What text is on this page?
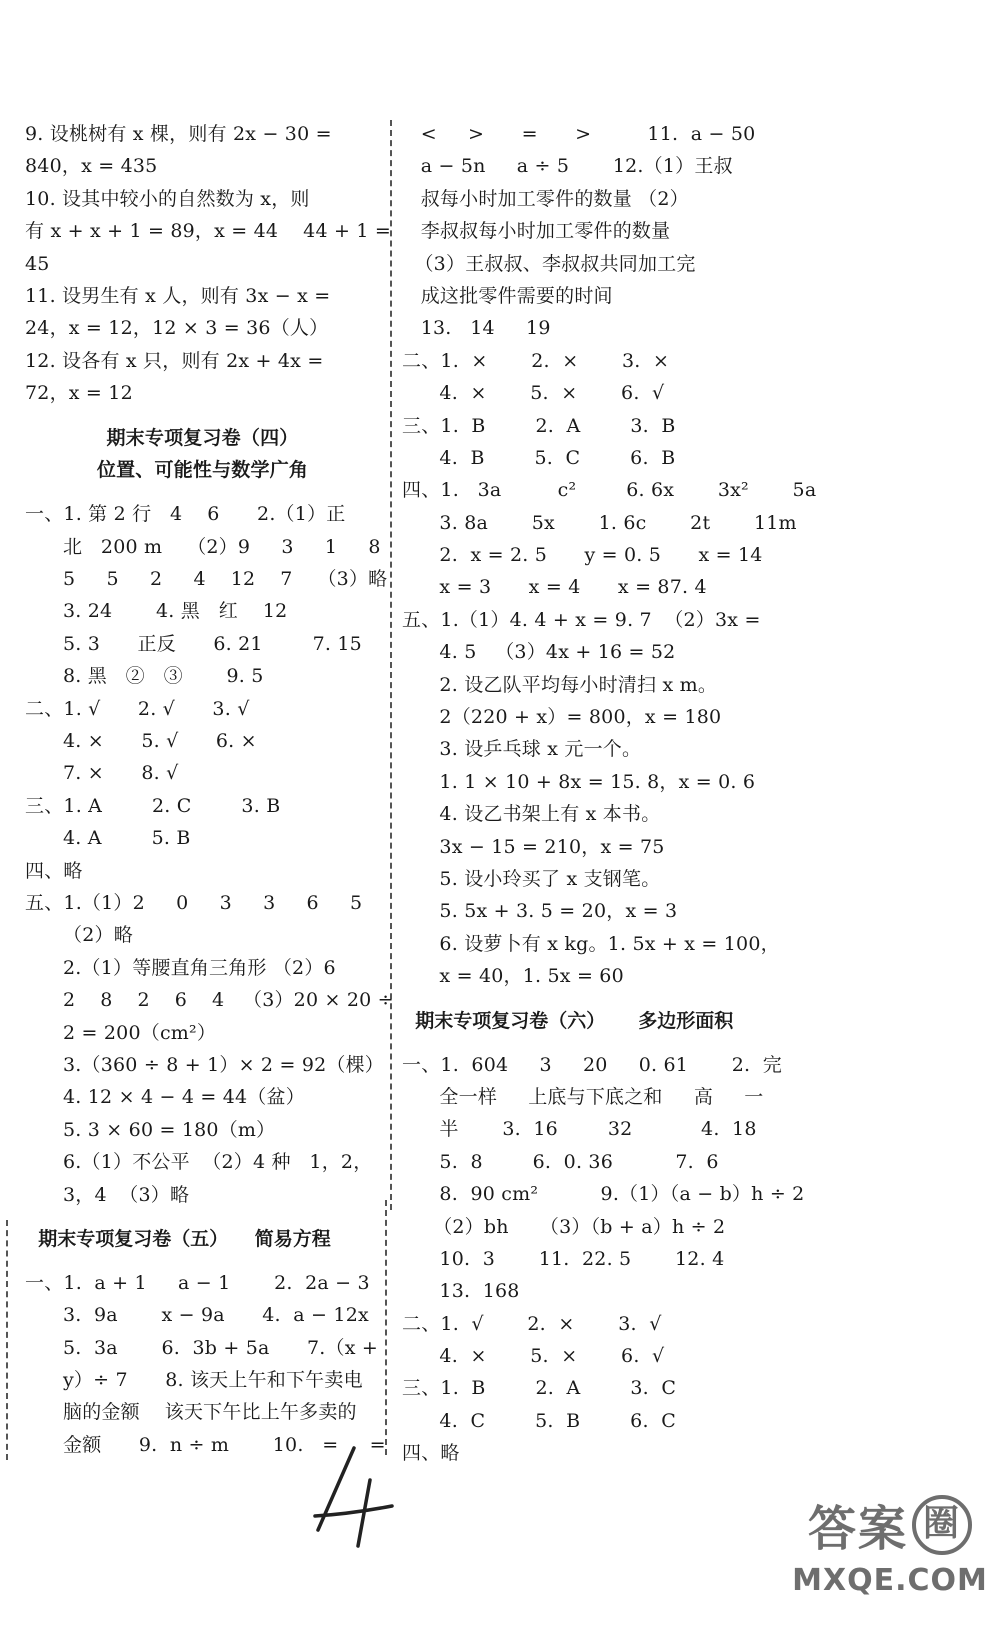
9. 设桃树有 x 棵，则有 2x − 30 =
840，x = 435
10. 设其中较小的自然数为 x，则
有 x + x + 1 = 89，x = 44    44 + 1 =
45
11. 设男生有 x 人，则有 3x − x =
24，x = 12，12 × 3 = 36（人）
12. 设各有 x 只，则有 2x + 4x =
72，x = 12
期末专项复习卷（四）
位置、可能性与数学广角
一、1. 第 2 行   4    6      2.（1）正
北   200 m    （2）9     3     1     8
5     5     2     4    12    7    （3）略
3. 24       4. 黑   红    12
5. 3      正反      6. 21        7. 15
8. 黑   ②   ③       9. 5
二、1. √      2. √      3. √
4. ×      5. √      6. ×
7. ×      8. √
三、1. A        2. C        3. B
4. A        5. B
四、略
五、1.（1）2     0     3     3     6     5
（2）略
2.（1）等腰直角三角形 （2）6
2    8    2    6    4   （3）20 × 20 ÷
2 = 200（cm²）
3.（360 ÷ 8 + 1）× 2 = 92（棵）
4. 12 × 4 − 4 = 44（盆）
5. 3 × 60 = 180（m）
6.（1）不公平  （2）4 种   1，2，
3，4  （3）略
期末专项复习卷（五）    简易方程
一、1.  a + 1     a − 1       2.  2a − 3
3.  9a       x − 9a      4.  a − 12x
5.  3a       6.  3b + 5a      7.（x +
y）÷ 7      8. 该天上午和下午卖电
脑的金额    该天下午比上午多卖的
金额      9.  n ÷ m       10.   =     =
<     >      =      >         11.  a − 50
a − 5n     a ÷ 5       12.（1）王叔
叔每小时加工零件的数量 （2）
李叔叔每小时加工零件的数量
（3）王叔叔、李叔叔共同加工完
成这批零件需要的时间
13.   14     19
二、1.  ×       2.  ×       3.  ×
4.  ×       5.  ×       6.  √
三、1.  B        2.  A        3.  B
4.  B        5.  C        6.  B
四、1.   3a         c²        6. 6x       3x²       5a
3. 8a       5x       1. 6c       2t       11m
2.  x = 2. 5      y = 0. 5      x = 14
x = 3      x = 4      x = 87. 4
五、1.（1）4. 4 + x = 9. 7  （2）3x =
4. 5   （3）4x + 16 = 52
2. 设乙队平均每小时清扫 x m。
2（220 + x）= 800，x = 180
3. 设乒乓球 x 元一个。
1. 1 × 10 + 8x = 15. 8，x = 0. 6
4. 设乙书架上有 x 本书。
3x − 15 = 210，x = 75
5. 设小玲买了 x 支钢笔。
5. 5x + 3. 5 = 20，x = 3
6. 设萝卜有 x kg。1. 5x + x = 100，
x = 40，1. 5x = 60
期末专项复习卷（六）     多边形面积
一、1.  604     3     20     0. 61       2.  完
全一样     上底与下底之和     高     一
半       3.  16        32           4.  18
5.  8        6.  0. 36          7.  6
8.  90 cm²          9.（1）（a − b）h ÷ 2
（2）bh     （3）（b + a）h ÷ 2
10.  3       11.  22. 5       12. 4
13.  168
二、1.  √       2.  ×       3.  √
4.  ×       5.  ×       6.  √
三、1.  B        2.  A        3.  C
4.  C        5.  B        6.  C
四、略
答案 圈
MXQE.COM
